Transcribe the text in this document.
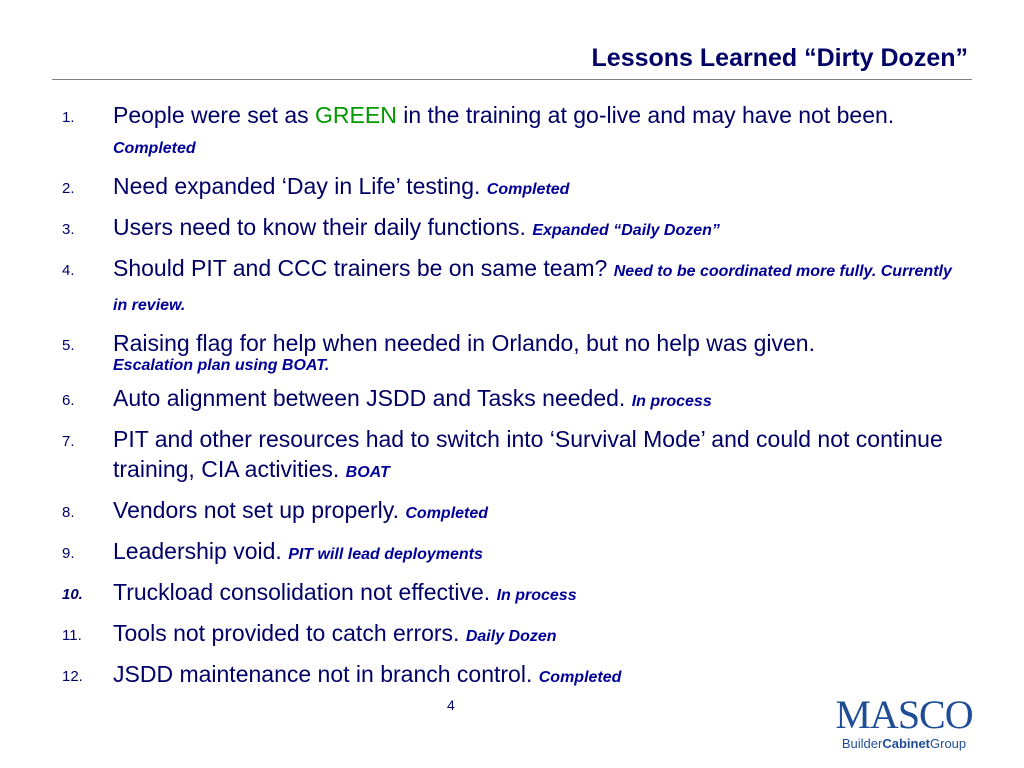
Lessons Learned “Dirty Dozen”
1. People were set as GREEN in the training at go-live and may have not been. Completed
2. Need expanded ‘Day in Life’ testing. Completed
3. Users need to know their daily functions. Expanded “Daily Dozen”
4. Should PIT and CCC trainers be on same team? Need to be coordinated more fully. Currently in review.
5. Raising flag for help when needed in Orlando, but no help was given.
Escalation plan using BOAT.
6. Auto alignment between JSDD and Tasks needed. In process
7. PIT and other resources had to switch into ‘Survival Mode’ and could not continue training, CIA activities. BOAT
8. Vendors not set up properly. Completed
9. Leadership void. PIT will lead deployments
10. Truckload consolidation not effective. In process
11. Tools not provided to catch errors. Daily Dozen
12. JSDD maintenance not in branch control. Completed
4	MASCO
BuilderCabinetGroup
